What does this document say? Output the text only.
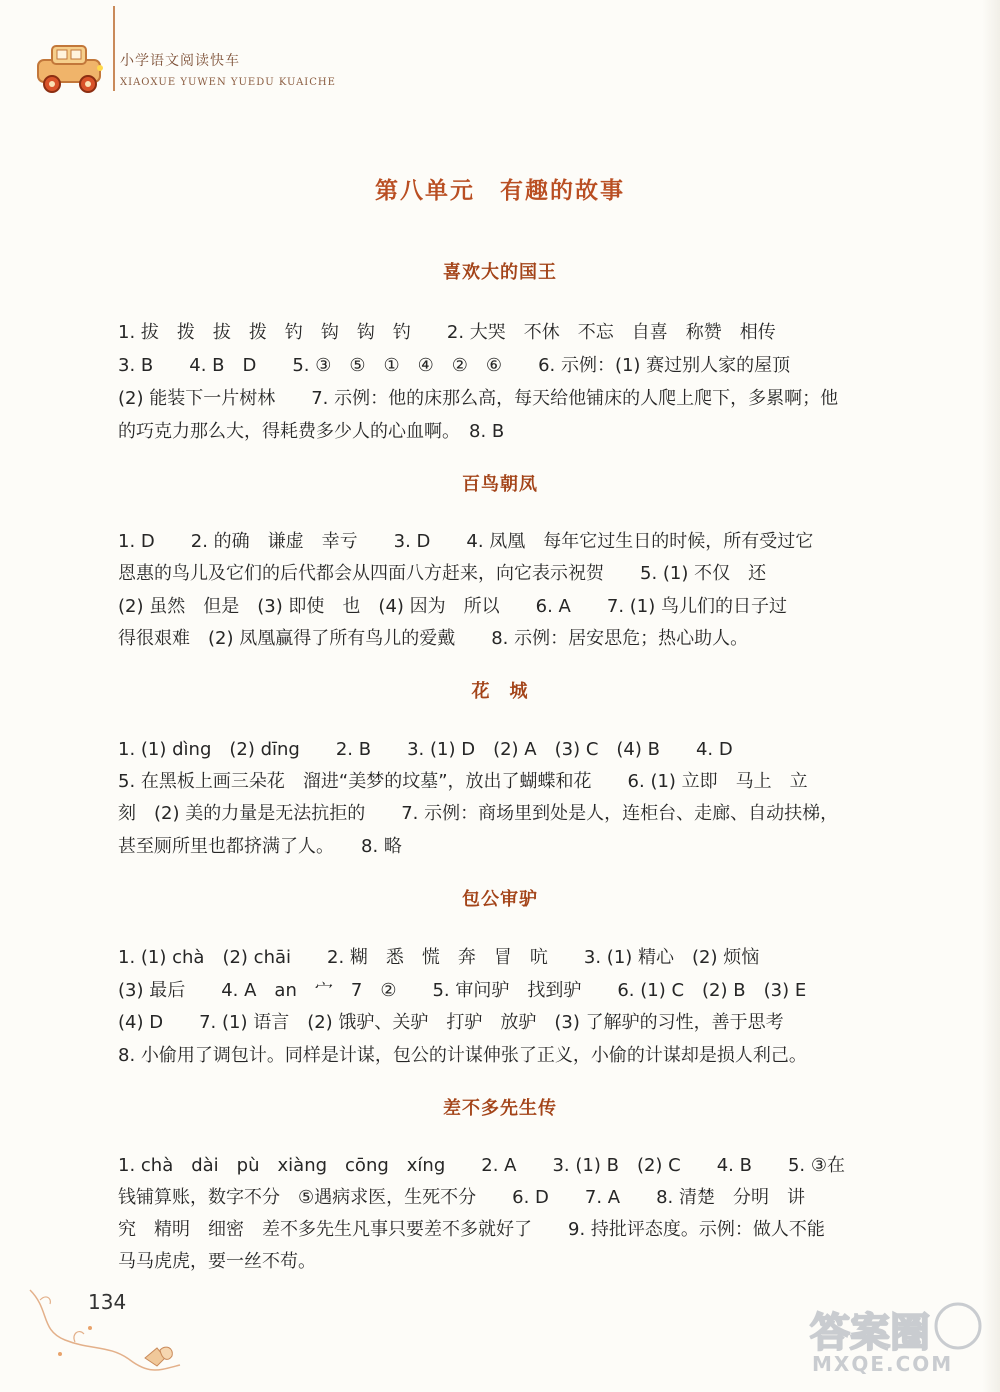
小学语文阅读快车
XIAOXUE YUWEN YUEDU KUAICHE
第八单元　有趣的故事
喜欢大的国王
1. 拔　拨　拔　拨　钓　钩　钩　钓　　2. 大哭　不休　不忘　自喜　称赞　相传
3. B　　4. B　D　　5. ③　⑤　①　④　②　⑥　　6. 示例：(1) 赛过别人家的屋顶
(2) 能装下一片树林　　7. 示例：他的床那么高，每天给他铺床的人爬上爬下，多累啊；他
的巧克力那么大，得耗费多少人的心血啊。　8. B
百鸟朝凤
1. D　　2. 的确　谦虚　幸亏　　3. D　　4. 凤凰　每年它过生日的时候，所有受过它
恩惠的鸟儿及它们的后代都会从四面八方赶来，向它表示祝贺　　5. (1) 不仅　还
(2) 虽然　但是　(3) 即使　也　(4) 因为　所以　　6. A　　7. (1) 鸟儿们的日子过
得很艰难　(2) 凤凰赢得了所有鸟儿的爱戴　　8. 示例：居安思危；热心助人。
花　城
1. (1) dìng　(2) dīng　　2. B　　3. (1) D　(2) A　(3) C　(4) B　　4. D
5. 在黑板上画三朵花　溜进“美梦的坟墓”，放出了蝴蝶和花　　6. (1) 立即　马上　立
刻　(2) 美的力量是无法抗拒的　　7. 示例：商场里到处是人，连柜台、走廊、自动扶梯，
甚至厕所里也都挤满了人。　　8. 略
包公审驴
1. (1) chà　(2) chāi　　2. 糊　悉　慌　奔　冒　吭　　3. (1) 精心　(2) 烦恼
(3) 最后　　4. A　an　宀　7　②　　5. 审问驴　找到驴　　6. (1) C　(2) B　(3) E
(4) D　　7. (1) 语言　(2) 饿驴、关驴　打驴　放驴　(3) 了解驴的习性，善于思考
8. 小偷用了调包计。同样是计谋，包公的计谋伸张了正义，小偷的计谋却是损人利己。
差不多先生传
1. chà　dài　pù　xiàng　cōng　xíng　　2. A　　3. (1) B　(2) C　　4. B　　5. ③在
钱铺算账，数字不分　⑤遇病求医，生死不分　　6. D　　7. A　　8. 清楚　分明　讲
究　精明　细密　差不多先生凡事只要差不多就好了　　9. 持批评态度。示例：做人不能
马马虎虎，要一丝不苟。
134
答案圈
MXQE.COM
